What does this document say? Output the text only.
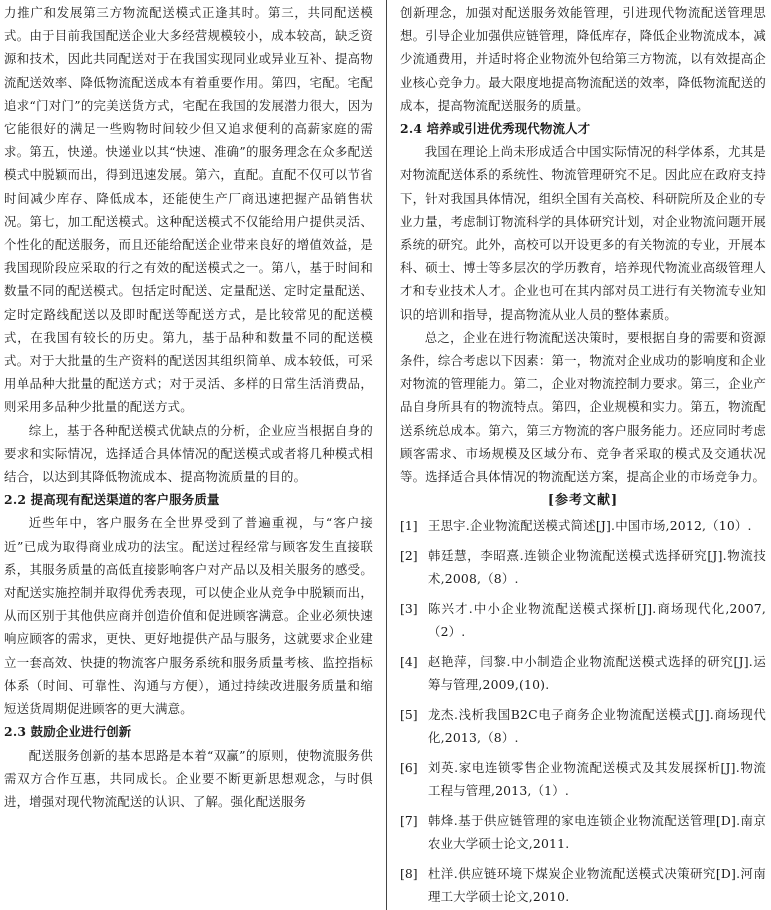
力推广和发展第三方物流配送模式正逢其时。第三，共同配送模式。由于目前我国配送企业大多经营规模较小，成本较高，缺乏资源和技术，因此共同配送对于在我国实现同业或异业互补、提高物流配送效率、降低物流配送成本有着重要作用。第四，宅配。宅配追求“门对门”的完美送货方式，宅配在我国的发展潜力很大，因为它能很好的满足一些购物时间较少但又追求便利的高薪家庭的需求。第五，快递。快递业以其“快速、准确”的服务理念在众多配送模式中脱颖而出，得到迅速发展。第六，直配。直配不仅可以节省时间减少库存、降低成本，还能使生产厂商迅速把握产品销售状况。第七，加工配送模式。这种配送模式不仅能给用户提供灵活、个性化的配送服务，而且还能给配送企业带来良好的增值效益，是我国现阶段应采取的行之有效的配送模式之一。第八，基于时间和数量不同的配送模式。包括定时配送、定量配送、定时定量配送、定时定路线配送以及即时配送等配送方式，是比较常见的配送模式，在我国有较长的历史。第九，基于品种和数量不同的配送模式。对于大批量的生产资料的配送因其组织简单、成本较低，可采用单品种大批量的配送方式；对于灵活、多样的日常生活消费品，则采用多品种少批量的配送方式。

综上，基于各种配送模式优缺点的分析，企业应当根据自身的要求和实际情况，选择适合具体情况的配送模式或者将几种模式相结合，以达到其降低物流成本、提高物流质量的目的。

2.2 提高现有配送渠道的客户服务质量

近些年中，客户服务在全世界受到了普遍重视，与“客户接近”已成为取得商业成功的法宝。配送过程经常与顾客发生直接联系，其服务质量的高低直接影响客户对产品以及相关服务的感受。对配送实施控制并取得优秀表现，可以使企业从竞争中脱颖而出，从而区别于其他供应商并创造价值和促进顾客满意。企业必须快速响应顾客的需求，更快、更好地提供产品与服务，这就要求企业建立一套高效、快捷的物流客户服务系统和服务质量考核、监控指标体系（时间、可靠性、沟通与方便），通过持续改进服务质量和缩短送货周期促进顾客的更大满意。

2.3 鼓励企业进行创新

配送服务创新的基本思路是本着“双赢”的原则，使物流服务供需双方合作互惠，共同成长。企业要不断更新思想观念，与时俱进，增强对现代物流配送的认识、了解。强化配送服务

创新理念，加强对配送服务效能管理，引进现代物流配送管理思想。引导企业加强供应链管理，降低库存，降低企业物流成本，减少流通费用，并适时将企业物流外包给第三方物流，以有效提高企业核心竞争力。最大限度地提高物流配送的效率，降低物流配送的成本，提高物流配送服务的质量。

2.4 培养或引进优秀现代物流人才

我国在理论上尚未形成适合中国实际情况的科学体系，尤其是对物流配送体系的系统性、物流管理研究不足。因此应在政府支持下，针对我国具体情况，组织全国有关高校、科研院所及企业的专业力量，考虑制订物流科学的具体研究计划，对企业物流问题开展系统的研究。此外，高校可以开设更多的有关物流的专业，开展本科、硕士、博士等多层次的学历教育，培养现代物流业高级管理人才和专业技术人才。企业也可在其内部对员工进行有关物流专业知识的培训和指导，提高物流从业人员的整体素质。

总之，企业在进行物流配送决策时，要根据自身的需要和资源条件，综合考虑以下因素：第一，物流对企业成功的影响度和企业对物流的管理能力。第二，企业对物流控制力要求。第三，企业产品自身所具有的物流特点。第四，企业规模和实力。第五，物流配送系统总成本。第六，第三方物流的客户服务能力。还应同时考虑顾客需求、市场规模及区域分布、竞争者采取的模式及交通状况等。选择适合具体情况的物流配送方案，提高企业的市场竞争力。

[参考文献]

[1] 王思宇.企业物流配送模式简述[J].中国市场,2012,（10）.
[2] 韩廷慧，李昭熹.连锁企业物流配送模式选择研究[J].物流技术,2008,（8）.
[3] 陈兴才.中小企业物流配送模式探析[J].商场现代化,2007,（2）.
[4] 赵艳萍，闫黎.中小制造企业物流配送模式选择的研究[J].运筹与管理,2009,(10).
[5] 龙杰.浅析我国B2C电子商务企业物流配送模式[J].商场现代化,2013,（8）.
[6] 刘英.家电连锁零售企业物流配送模式及其发展探析[J].物流工程与管理,2013,（1）.
[7] 韩烽.基于供应链管理的家电连锁企业物流配送管理[D].南京农业大学硕士论文,2011.
[8] 杜洋.供应链环境下煤炭企业物流配送模式决策研究[D].河南理工大学硕士论文,2010.
